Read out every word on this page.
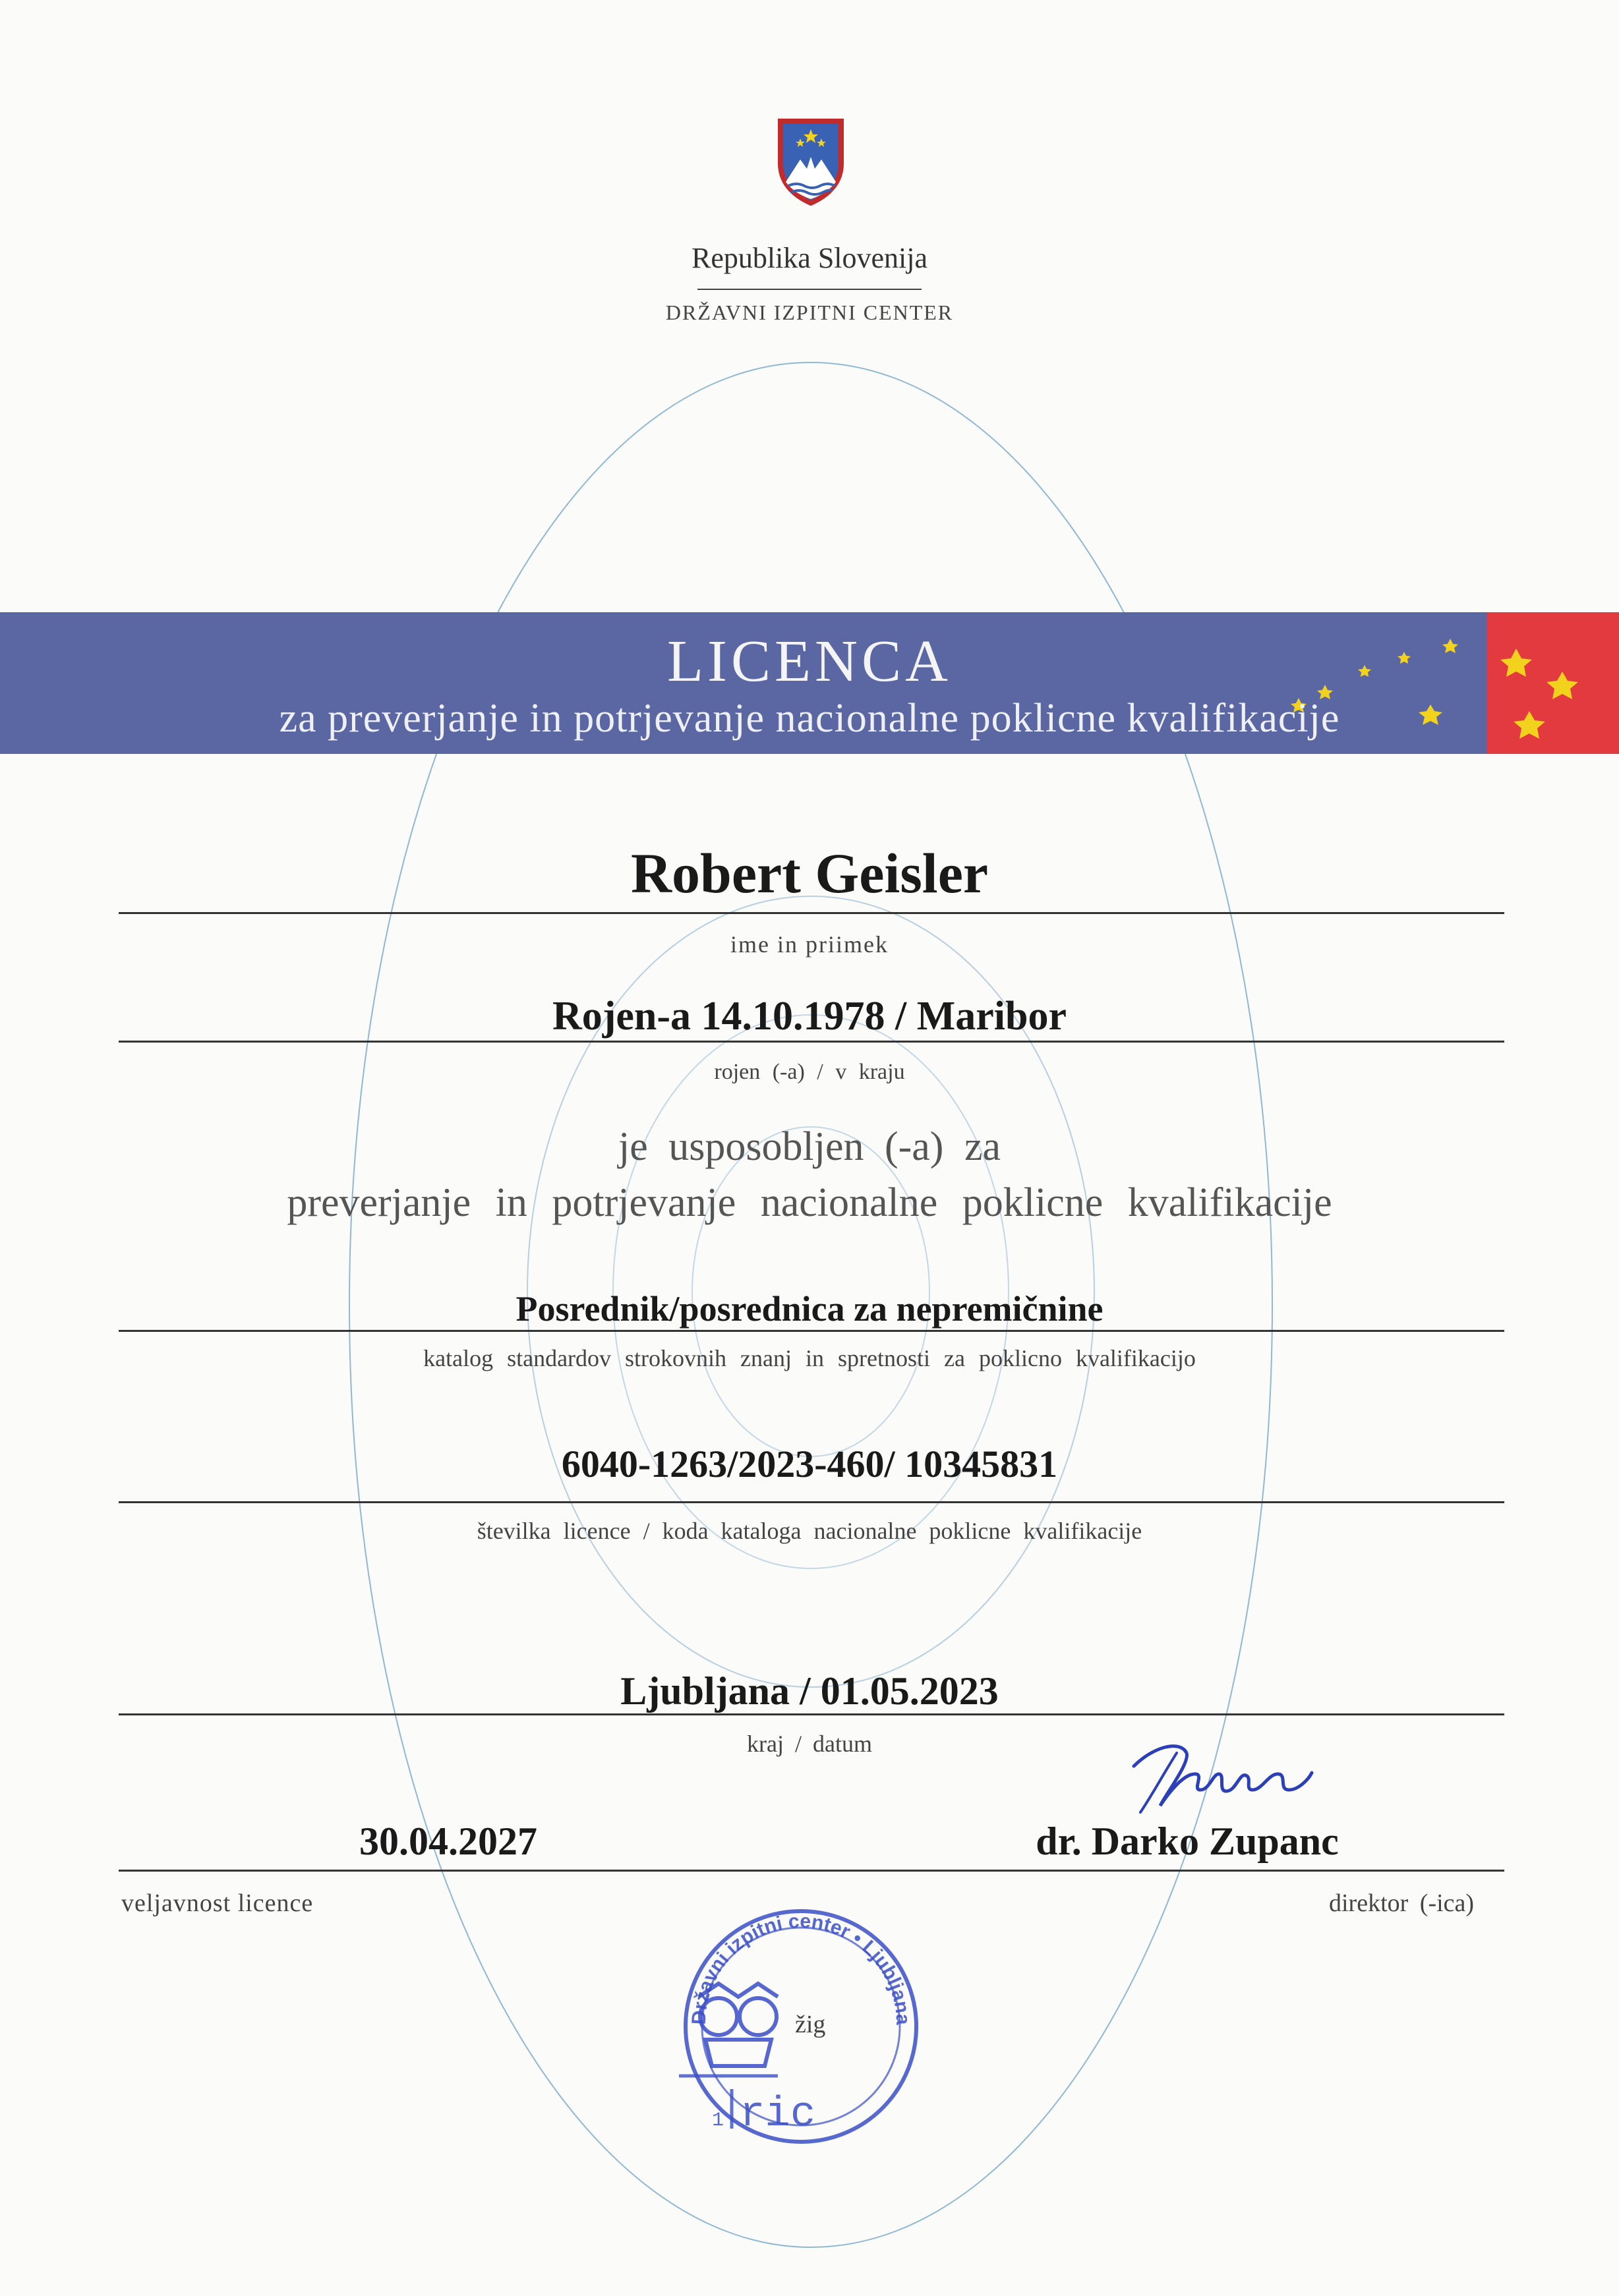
Republika Slovenija
DRŽAVNI IZPITNI CENTER
LICENCA
za preverjanje in potrjevanje nacionalne poklicne kvalifikacije
Robert Geisler
ime in priimek
Rojen-a 14.10.1978 / Maribor
rojen (-a) / v kraju
je usposobljen (-a) za
preverjanje in potrjevanje nacionalne poklicne kvalifikacije
Posrednik/posrednica za nepremičnine
katalog standardov strokovnih znanj in spretnosti za poklicno kvalifikacijo
6040-1263/2023-460/ 10345831
številka licence / koda kataloga nacionalne poklicne kvalifikacije
Ljubljana / 01.05.2023
kraj / datum
30.04.2027	dr. Darko Zupanc
veljavnost licence	direktor (-ica)
Državni izpitni center • Ljubljana
1 ric
žig
